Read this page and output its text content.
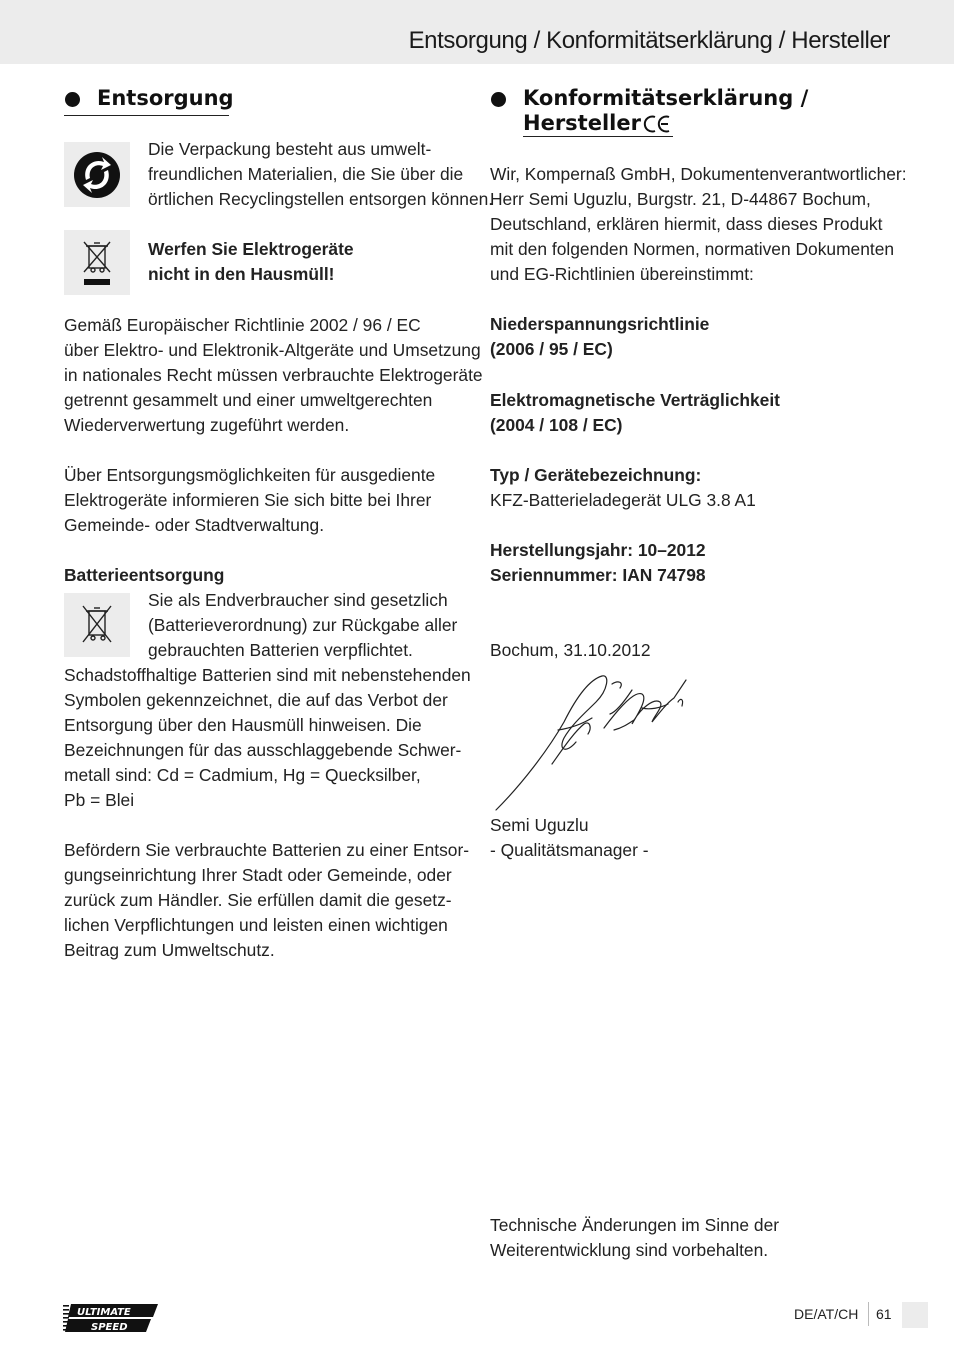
Entsorgung / Konformitätserklärung / Hersteller
Entsorgung
Die Verpackung besteht aus umwelt-
freundlichen Materialien, die Sie über die
örtlichen Recyclingstellen entsorgen können.
Werfen Sie Elektrogeräte
nicht in den Hausmüll!
Gemäß Europäischer Richtlinie 2002 / 96 / EC
über Elektro- und Elektronik-Altgeräte und Umsetzung
in nationales Recht müssen verbrauchte Elektrogeräte
getrennt gesammelt und einer umweltgerechten
Wiederverwertung zugeführt werden.
Über Entsorgungsmöglichkeiten für ausgediente
Elektrogeräte informieren Sie sich bitte bei Ihrer
Gemeinde- oder Stadtverwaltung.
Batterieentsorgung
Sie als Endverbraucher sind gesetzlich
(Batterieverordnung) zur Rückgabe aller
gebrauchten Batterien verpflichtet.
Schadstoffhaltige Batterien sind mit nebenstehenden
Symbolen gekennzeichnet, die auf das Verbot der
Entsorgung über den Hausmüll hinweisen. Die
Bezeichnungen für das ausschlaggebende Schwer-
metall sind: Cd = Cadmium, Hg = Quecksilber,
Pb = Blei
Befördern Sie verbrauchte Batterien zu einer Entsor-
gungseinrichtung Ihrer Stadt oder Gemeinde, oder
zurück zum Händler. Sie erfüllen damit die gesetz-
lichen Verpflichtungen und leisten einen wichtigen
Beitrag zum Umweltschutz.
Konformitätserklärung /
Hersteller
Wir, Kompernaß GmbH, Dokumentenverantwortlicher:
Herr Semi Uguzlu, Burgstr. 21, D-44867 Bochum,
Deutschland, erklären hiermit, dass dieses Produkt
mit den folgenden Normen, normativen Dokumenten
und EG-Richtlinien übereinstimmt:
Niederspannungsrichtlinie
(2006 / 95 / EC)
Elektromagnetische Verträglichkeit
(2004 / 108 / EC)
Typ / Gerätebezeichnung:
KFZ-Batterieladegerät ULG 3.8 A1
Herstellungsjahr: 10–2012
Seriennummer: IAN 74798
Bochum, 31.10.2012
Semi Uguzlu
- Qualitätsmanager -
Technische Änderungen im Sinne der
Weiterentwicklung sind vorbehalten.
ULTIMATE
SPEED
DE/AT/CH 61
